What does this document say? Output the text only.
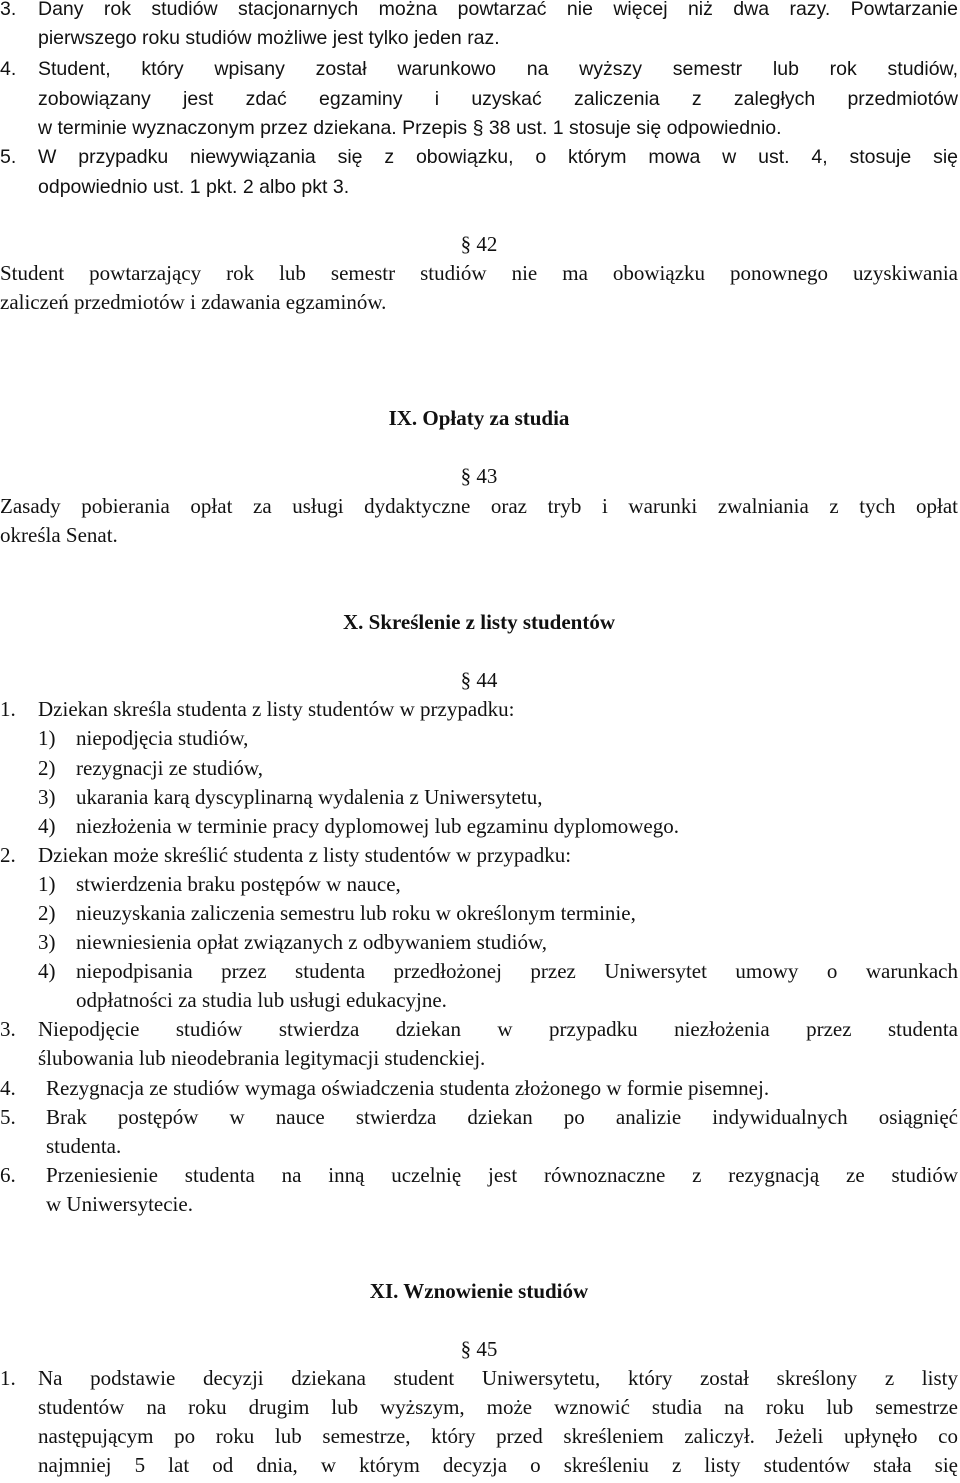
3. Dany rok studiów stacjonarnych można powtarzać nie więcej niż dwa razy. Powtarzanie
pierwszego roku studiów możliwe jest tylko jeden raz.
4. Student, który wpisany został warunkowo na wyższy semestr lub rok studiów,
zobowiązany jest zdać egzaminy i uzyskać zaliczenia z zaległych przedmiotów
w terminie wyznaczonym przez dziekana. Przepis § 38 ust. 1 stosuje się odpowiednio.
5. W przypadku niewywiązania się z obowiązku, o którym mowa w ust. 4, stosuje się
odpowiednio ust. 1 pkt. 2 albo pkt 3.
§ 42
Student powtarzający rok lub semestr studiów nie ma obowiązku ponownego uzyskiwania
zaliczeń przedmiotów i zdawania egzaminów.
IX. Opłaty za studia
§ 43
Zasady pobierania opłat za usługi dydaktyczne oraz tryb i warunki zwalniania z tych opłat
określa Senat.
X. Skreślenie z listy studentów
§ 44
1. Dziekan skreśla studenta z listy studentów w przypadku:
1) niepodjęcia studiów,
2) rezygnacji ze studiów,
3) ukarania karą dyscyplinarną wydalenia z Uniwersytetu,
4) niezłożenia w terminie pracy dyplomowej lub egzaminu dyplomowego.
2. Dziekan może skreślić studenta z listy studentów w przypadku:
1) stwierdzenia braku postępów w nauce,
2) nieuzyskania zaliczenia semestru lub roku w określonym terminie,
3) niewniesienia opłat związanych z odbywaniem studiów,
4) niepodpisania przez studenta przedłożonej przez Uniwersytet umowy o warunkach
odpłatności za studia lub usługi edukacyjne.
3. Niepodjęcie studiów stwierdza dziekan w przypadku niezłożenia przez studenta
ślubowania lub nieodebrania legitymacji studenckiej.
4. Rezygnacja ze studiów wymaga oświadczenia studenta złożonego w formie pisemnej.
5. Brak postępów w nauce stwierdza dziekan po analizie indywidualnych osiągnięć
studenta.
6. Przeniesienie studenta na inną uczelnię jest równoznaczne z rezygnacją ze studiów
w Uniwersytecie.
XI. Wznowienie studiów
§ 45
1. Na podstawie decyzji dziekana student Uniwersytetu, który został skreślony z listy
studentów na roku drugim lub wyższym, może wznowić studia na roku lub semestrze
następującym po roku lub semestrze, który przed skreśleniem zaliczył. Jeżeli upłynęło co
najmniej 5 lat od dnia, w którym decyzja o skreśleniu z listy studentów stała się
